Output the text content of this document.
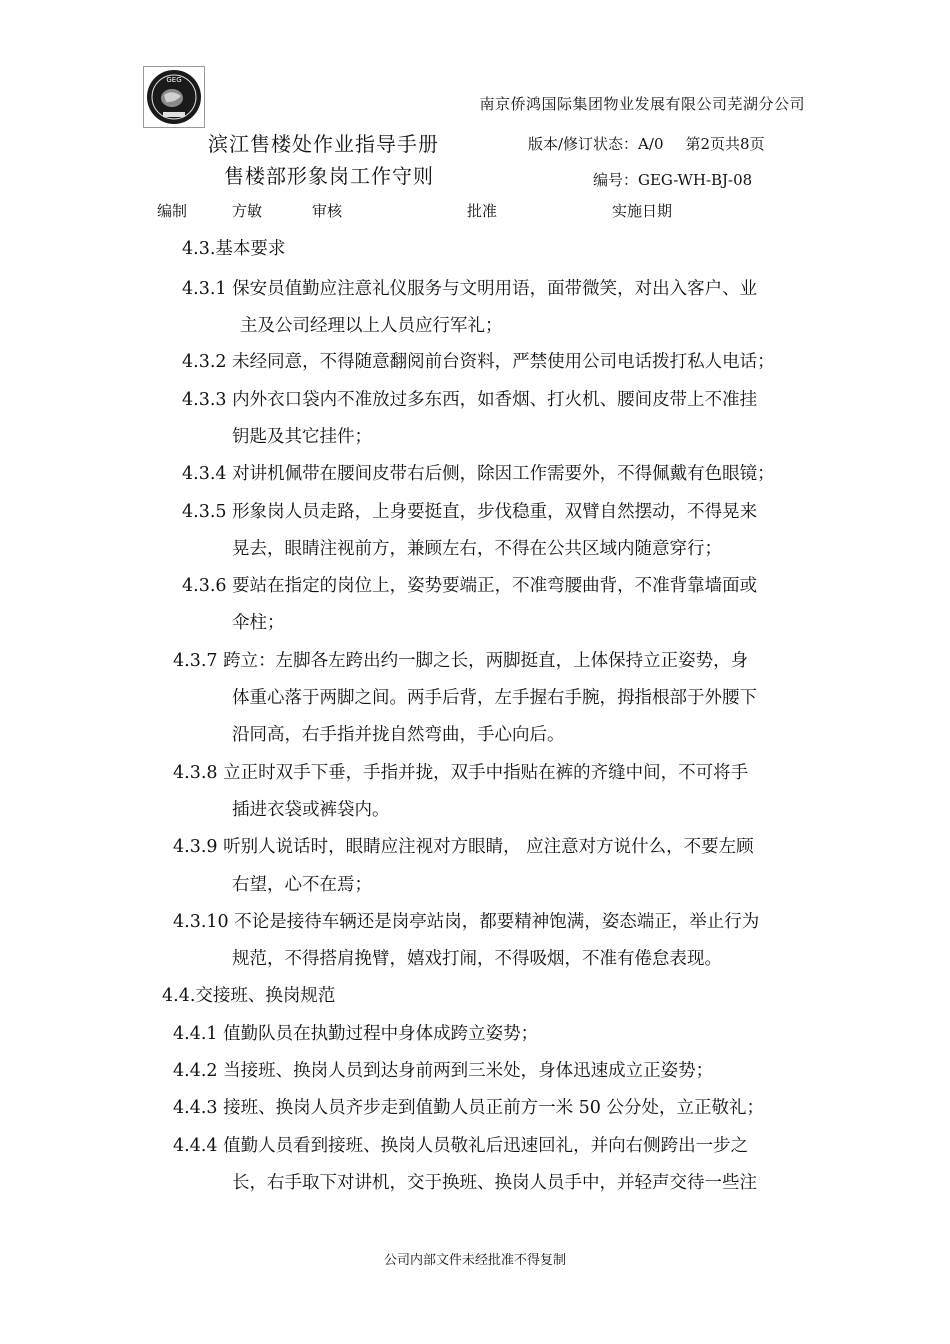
GEG
南京侨鸿国际集团物业发展有限公司芜湖分公司
滨江售楼处作业指导手册
售楼部形象岗工作守则
版本/修订状态：A/0 第2页共8页
编号：GEG-WH-BJ-08
编制	方敏	审核	批准	实施日期
4.3.基本要求
4.3.1 保安员值勤应注意礼仪服务与文明用语，面带微笑，对出入客户、业
主及公司经理以上人员应行军礼；
4.3.2 未经同意，不得随意翻阅前台资料，严禁使用公司电话拨打私人电话；
4.3.3 内外衣口袋内不准放过多东西，如香烟、打火机、腰间皮带上不准挂
钥匙及其它挂件；
4.3.4 对讲机佩带在腰间皮带右后侧，除因工作需要外，不得佩戴有色眼镜；
4.3.5 形象岗人员走路，上身要挺直，步伐稳重，双臂自然摆动，不得晃来
晃去，眼睛注视前方，兼顾左右，不得在公共区域内随意穿行；
4.3.6 要站在指定的岗位上，姿势要端正，不准弯腰曲背，不准背靠墙面或
伞柱；
4.3.7 跨立：左脚各左跨出约一脚之长，两脚挺直，上体保持立正姿势，身
体重心落于两脚之间。两手后背，左手握右手腕，拇指根部于外腰下
沿同高，右手指并拢自然弯曲，手心向后。
4.3.8 立正时双手下垂，手指并拢，双手中指贴在裤的齐缝中间，不可将手
插进衣袋或裤袋内。
4.3.9 听别人说话时，眼睛应注视对方眼睛， 应注意对方说什么，不要左顾
右望，心不在焉；
4.3.10 不论是接待车辆还是岗亭站岗，都要精神饱满，姿态端正，举止行为
规范，不得搭肩挽臂，嬉戏打闹，不得吸烟，不准有倦怠表现。
4.4.交接班、换岗规范
4.4.1 值勤队员在执勤过程中身体成跨立姿势；
4.4.2 当接班、换岗人员到达身前两到三米处，身体迅速成立正姿势；
4.4.3 接班、换岗人员齐步走到值勤人员正前方一米 50 公分处，立正敬礼；
4.4.4 值勤人员看到接班、换岗人员敬礼后迅速回礼，并向右侧跨出一步之
长，右手取下对讲机，交于换班、换岗人员手中，并轻声交待一些注
公司内部文件未经批准不得复制
